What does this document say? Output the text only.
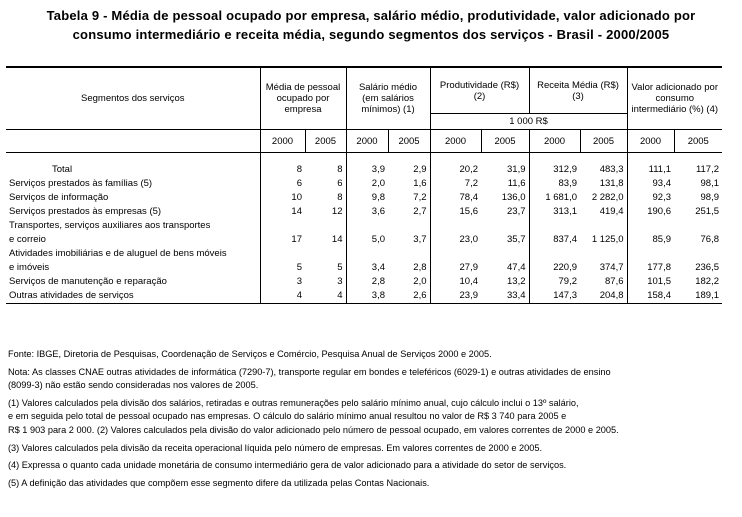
Tabela 9 - Média de pessoal ocupado por empresa, salário médio, produtividade, valor adicionado por
consumo intermediário e receita média, segundo segmentos dos serviços - Brasil - 2000/2005
Segmentos dos serviços	Média de pessoal ocupado por empresa		Salário médio (em salários mínimos) (1)		Produtividade (R$) (2)		Receita Média (R$) (3)		Valor adicionado por consumo intermediário (%) (4)	
					1 000 R$					
	2000	2005	2000	2005	2000	2005	2000	2005	2000	2005
Total	8	8	3,9	2,9	20,2	31,9	312,9	483,3	111,1	117,2
Serviços prestados às famílias (5)	6	6	2,0	1,6	7,2	11,6	83,9	131,8	93,4	98,1
Serviços de informação	10	8	9,8	7,2	78,4	136,0	1 681,0	2 282,0	92,3	98,9
Serviços prestados às empresas (5)	14	12	3,6	2,7	15,6	23,7	313,1	419,4	190,6	251,5
Transportes, serviços auxiliares aos transportes										
e correio	17	14	5,0	3,7	23,0	35,7	837,4	1 125,0	85,9	76,8
Atividades imobiliárias e de aluguel de bens móveis										
e imóveis	5	5	3,4	2,8	27,9	47,4	220,9	374,7	177,8	236,5
Serviços de manutenção e reparação	3	3	2,8	2,0	10,4	13,2	79,2	87,6	101,5	182,2
Outras atividades de serviços	4	4	3,8	2,6	23,9	33,4	147,3	204,8	158,4	189,1
Fonte: IBGE, Diretoria de Pesquisas, Coordenação de Serviços e Comércio, Pesquisa Anual de Serviços 2000 e 2005.
Nota: As classes CNAE outras atividades de informática (7290-7), transporte regular em bondes e teleféricos (6029-1) e outras atividades de ensino
(8099-3) não estão sendo consideradas nos valores de 2005.
(1) Valores calculados pela divisão dos salários, retiradas e outras remunerações pelo salário mínimo anual, cujo cálculo inclui o 13º salário,
e em seguida pelo total de pessoal ocupado nas empresas. O cálculo do salário mínimo anual resultou no valor de R$ 3 740 para 2005 e
R$ 1 903 para 2 000. (2) Valores calculados pela divisão do valor adicionado pelo número de pessoal ocupado, em valores correntes de 2000 e 2005.
(3) Valores calculados pela divisão da receita operacional líquida pelo número de empresas. Em valores correntes de 2000 e 2005.
(4) Expressa o quanto cada unidade monetária de consumo intermediário gera de valor adicionado para a atividade do setor de serviços.
(5) A definição das atividades que compõem esse segmento difere da utilizada pelas Contas Nacionais.
